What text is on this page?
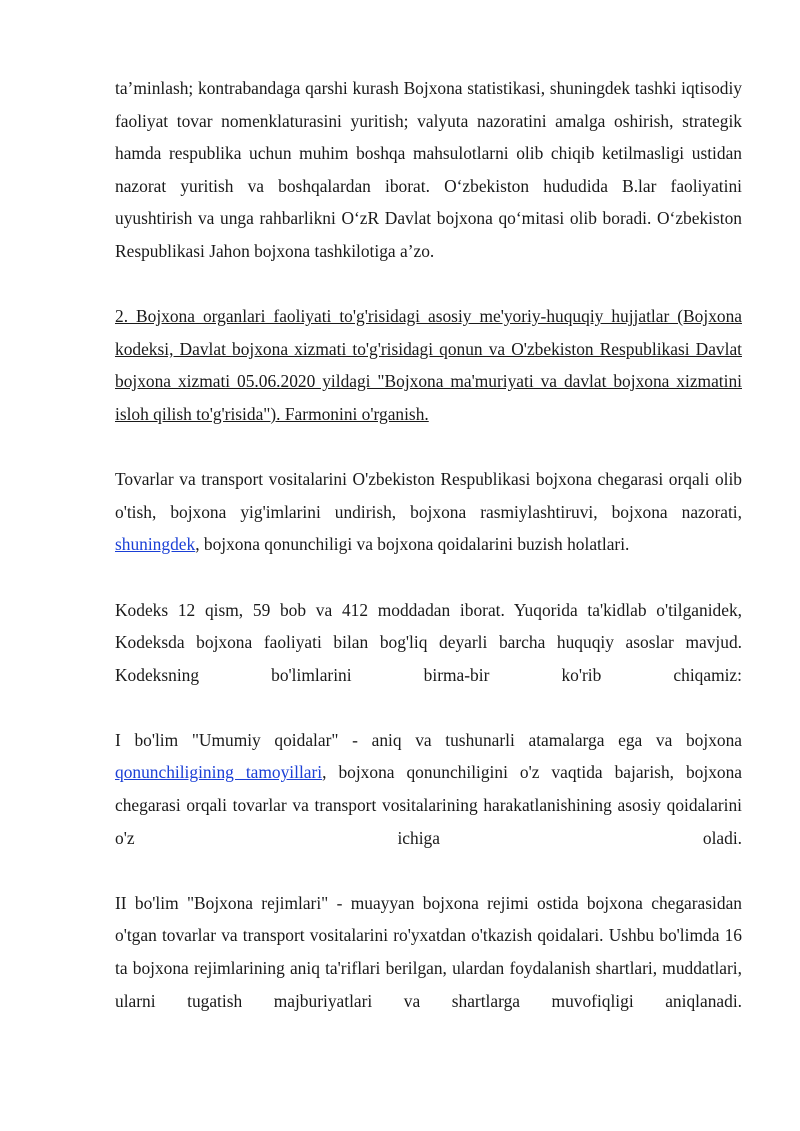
ta’minlash; kontrabandaga qarshi kurash Bojxona statistikasi, shuningdek tashki iqtisodiy faoliyat tovar nomenklaturasini yuritish; valyuta nazoratini amalga oshirish, strategik hamda respublika uchun muhim boshqa mahsulotlarni olib chiqib ketilmasligi ustidan nazorat yuritish va boshqalardan iborat. Oʻzbekiston hududida B.lar faoliyatini uyushtirish va unga rahbarlikni OʻzR Davlat bojxona qoʻmitasi olib boradi. Oʻzbekiston Respublikasi Jahon bojxona tashkilotiga a’zo.

2. Bojxona organlari faoliyati to'g'risidagi asosiy me'yoriy-huquqiy hujjatlar (Bojxona kodeksi, Davlat bojxona xizmati to'g'risidagi qonun va O'zbekiston Respublikasi Davlat bojxona xizmati 05.06.2020 yildagi "Bojxona ma'muriyati va davlat bojxona xizmatini isloh qilish to'g'risida"). Farmonini o'rganish.

Tovarlar va transport vositalarini O'zbekiston Respublikasi bojxona chegarasi orqali olib o'tish, bojxona yig'imlarini undirish, bojxona rasmiylashtiruvi, bojxona nazorati, shuningdek, bojxona qonunchiligi va bojxona qoidalarini buzish holatlari.

Kodeks 12 qism, 59 bob va 412 moddadan iborat. Yuqorida ta'kidlab o'tilganidek, Kodeksda bojxona faoliyati bilan bog'liq deyarli barcha huquqiy asoslar mavjud. Kodeksning bo'limlarini birma-bir ko'rib chiqamiz:

I bo'lim "Umumiy qoidalar" - aniq va tushunarli atamalarga ega va bojxona qonunchiligining tamoyillari, bojxona qonunchiligini o'z vaqtida bajarish, bojxona chegarasi orqali tovarlar va transport vositalarining harakatlanishining asosiy qoidalarini o'z ichiga oladi.

II bo'lim "Bojxona rejimlari" - muayyan bojxona rejimi ostida bojxona chegarasidan o'tgan tovarlar va transport vositalarini ro'yxatdan o'tkazish qoidalari. Ushbu bo'limda 16 ta bojxona rejimlarining aniq ta'riflari berilgan, ulardan foydalanish shartlari, muddatlari, ularni tugatish majburiyatlari va shartlarga muvofiqligi aniqlanadi.
